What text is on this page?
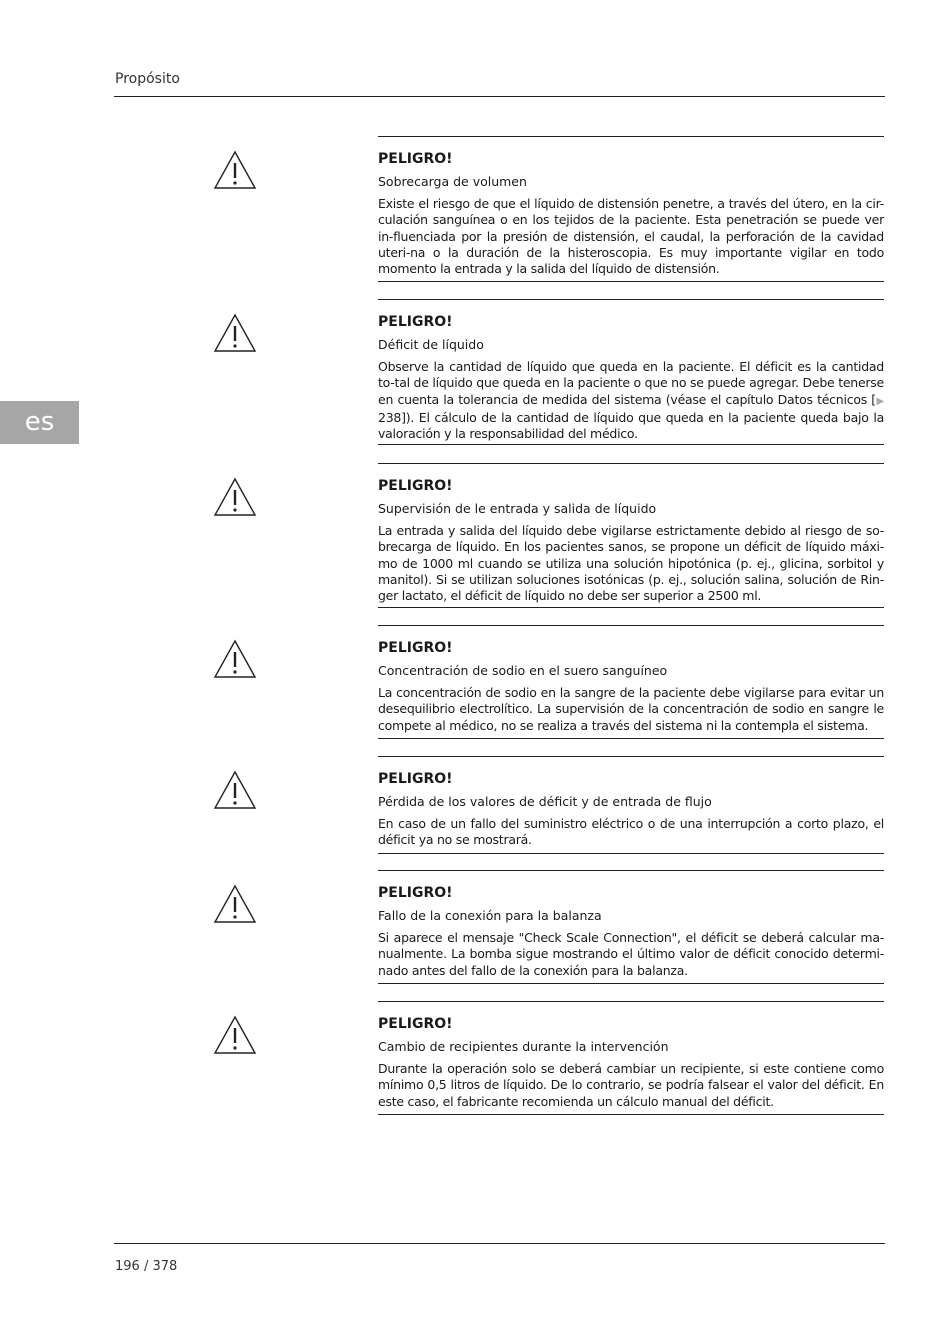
Propósito
es
PELIGRO!
Sobrecarga de volumen
Existe el riesgo de que el líquido de distensión penetre, a través del útero, en la cir-culación sanguínea o en los tejidos de la paciente. Esta penetración se puede ver in-fluenciada por la presión de distensión, el caudal, la perforación de la cavidad uteri-na o la duración de la histeroscopia. Es muy importante vigilar en todo momento la entrada y la salida del líquido de distensión.
PELIGRO!
Déficit de líquido
Observe la cantidad de líquido que queda en la paciente. El déficit es la cantidad to-tal de líquido que queda en la paciente o que no se puede agregar. Debe tenerse en cuenta la tolerancia de medida del sistema (véase el capítulo Datos técnicos [▶ 238]). El cálculo de la cantidad de líquido que queda en la paciente queda bajo la valoración y la responsabilidad del médico.
PELIGRO!
Supervisión de le entrada y salida de líquido
La entrada y salida del líquido debe vigilarse estrictamente debido al riesgo de so-brecarga de líquido. En los pacientes sanos, se propone un déficit de líquido máxi-mo de 1000 ml cuando se utiliza una solución hipotónica (p. ej., glicina, sorbitol y manitol). Si se utilizan soluciones isotónicas (p. ej., solución salina, solución de Rin-ger lactato, el déficit de líquido no debe ser superior a 2500 ml.
PELIGRO!
Concentración de sodio en el suero sanguíneo
La concentración de sodio en la sangre de la paciente debe vigilarse para evitar un desequilibrio electrolítico. La supervisión de la concentración de sodio en sangre le compete al médico, no se realiza a través del sistema ni la contempla el sistema.
PELIGRO!
Pérdida de los valores de déficit y de entrada de flujo
En caso de un fallo del suministro eléctrico o de una interrupción a corto plazo, el déficit ya no se mostrará.
PELIGRO!
Fallo de la conexión para la balanza
Si aparece el mensaje "Check Scale Connection", el déficit se deberá calcular ma-nualmente. La bomba sigue mostrando el último valor de déficit conocido determi-nado antes del fallo de la conexión para la balanza.
PELIGRO!
Cambio de recipientes durante la intervención
Durante la operación solo se deberá cambiar un recipiente, si este contiene como mínimo 0,5 litros de líquido. De lo contrario, se podría falsear el valor del déficit. En este caso, el fabricante recomienda un cálculo manual del déficit.
196 / 378
